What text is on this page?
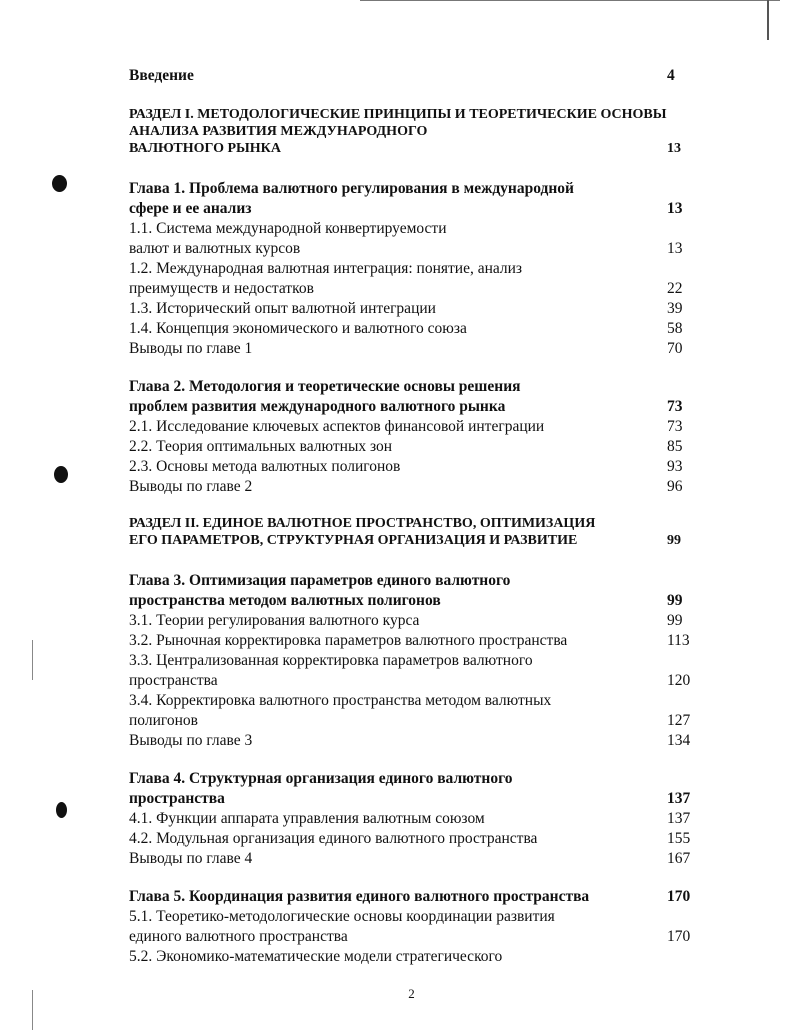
Введение	4
РАЗДЕЛ I. МЕТОДОЛОГИЧЕСКИЕ ПРИНЦИПЫ И ТЕОРЕТИЧЕСКИЕ ОСНОВЫ
АНАЛИЗА РАЗВИТИЯ МЕЖДУНАРОДНОГО
ВАЛЮТНОГО РЫНКА	13
Глава 1. Проблема валютного регулирования в международной
сфере и ее анализ	13
1.1. Система международной конвертируемости
валют и валютных курсов	13
1.2. Международная валютная интеграция: понятие, анализ
преимуществ и недостатков	22
1.3. Исторический опыт валютной интеграции	39
1.4. Концепция экономического и валютного союза	58
Выводы по главе 1	70
Глава 2. Методология и теоретические основы решения
проблем развития международного валютного рынка	73
2.1. Исследование ключевых аспектов финансовой интеграции	73
2.2. Теория оптимальных валютных зон	85
2.3. Основы метода валютных полигонов	93
Выводы по главе 2	96
РАЗДЕЛ II. ЕДИНОЕ ВАЛЮТНОЕ ПРОСТРАНСТВО, ОПТИМИЗАЦИЯ
ЕГО ПАРАМЕТРОВ, СТРУКТУРНАЯ ОРГАНИЗАЦИЯ И РАЗВИТИЕ	99
Глава 3. Оптимизация параметров единого валютного
пространства методом валютных полигонов	99
3.1. Теории регулирования валютного курса	99
3.2. Рыночная корректировка параметров валютного пространства	113
3.3. Централизованная корректировка параметров валютного
пространства	120
3.4. Корректировка валютного пространства методом валютных
полигонов	127
Выводы по главе 3	134
Глава 4. Структурная организация единого валютного
пространства	137
4.1. Функции аппарата управления валютным союзом	137
4.2. Модульная организация единого валютного пространства	155
Выводы по главе 4	167
Глава 5. Координация развития единого валютного пространства	170
5.1. Теоретико-методологические основы координации развития
единого валютного пространства	170
5.2. Экономико-математические модели стратегического
2
